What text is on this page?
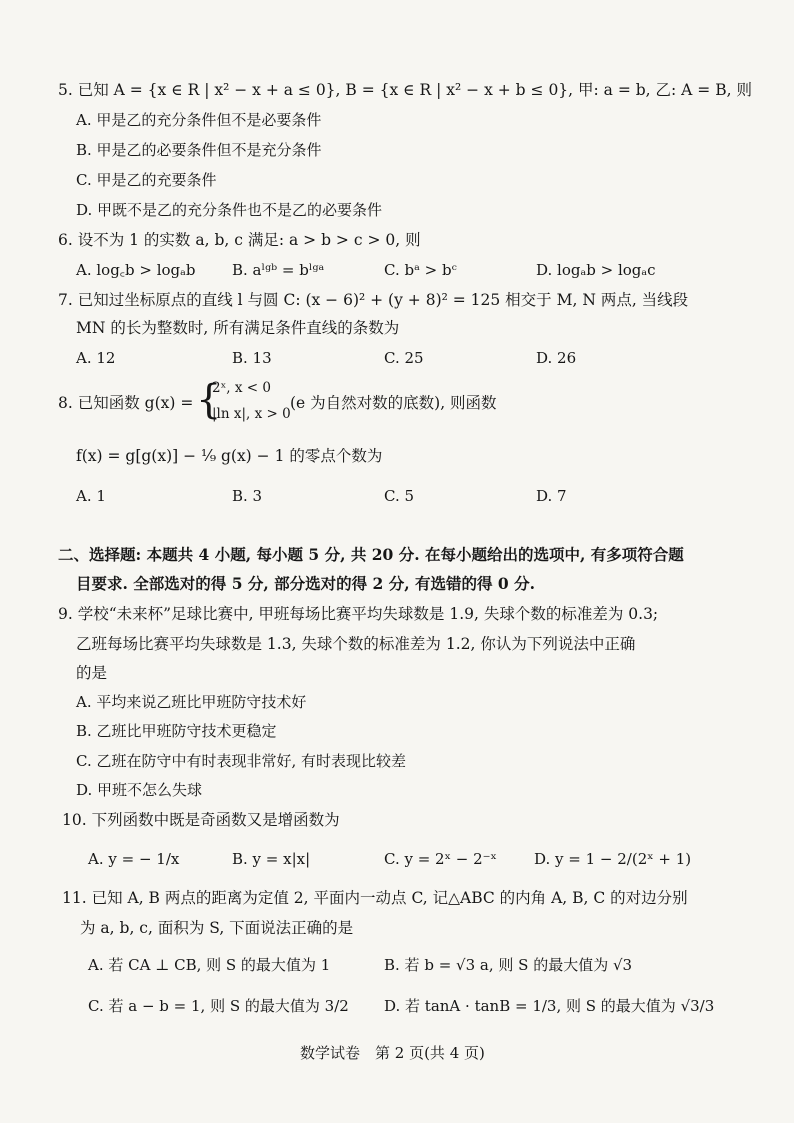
5. 已知 A = {x ∈ R | x² − x + a ≤ 0}, B = {x ∈ R | x² − x + b ≤ 0}, 甲: a = b, 乙: A = B, 则
A. 甲是乙的充分条件但不是必要条件
B. 甲是乙的必要条件但不是充分条件
C. 甲是乙的充要条件
D. 甲既不是乙的充分条件也不是乙的必要条件
6. 设不为 1 的实数 a, b, c 满足: a > b > c > 0, 则
A. log꜀b > logₐb B. aˡᵍᵇ = bˡᵍᵃ	C. bᵃ > bᶜ	D. logₐb > logₐc
7. 已知过坐标原点的直线 l 与圆 C: (x − 6)² + (y + 8)² = 125 相交于 M, N 两点, 当线段
MN 的长为整数时, 所有满足条件直线的条数为
A. 12	B. 13	C. 25	D. 26
8. 已知函数 g(x) = {
2ˣ, x < 0
|ln x|, x > 0
(e 为自然对数的底数), 则函数
f(x) = g[g(x)] − ¹⁄₉ g(x) − 1 的零点个数为
A. 1	B. 3	C. 5	D. 7
二、选择题: 本题共 4 小题, 每小题 5 分, 共 20 分. 在每小题给出的选项中, 有多项符合题
目要求. 全部选对的得 5 分, 部分选对的得 2 分, 有选错的得 0 分.
9. 学校“未来杯”足球比赛中, 甲班每场比赛平均失球数是 1.9, 失球个数的标准差为 0.3;
乙班每场比赛平均失球数是 1.3, 失球个数的标准差为 1.2, 你认为下列说法中正确
的是
A. 平均来说乙班比甲班防守技术好
B. 乙班比甲班防守技术更稳定
C. 乙班在防守中有时表现非常好, 有时表现比较差
D. 甲班不怎么失球
10. 下列函数中既是奇函数又是增函数为
A. y = − 1/x	B. y = x|x|	C. y = 2ˣ − 2⁻ˣ D. y = 1 − 2/(2ˣ + 1)
11. 已知 A, B 两点的距离为定值 2, 平面内一动点 C, 记△ABC 的内角 A, B, C 的对边分别
为 a, b, c, 面积为 S, 下面说法正确的是
A. 若 CA ⊥ CB, 则 S 的最大值为 1	B. 若 b = √3 a, 则 S 的最大值为 √3
C. 若 a − b = 1, 则 S 的最大值为 3/2 D. 若 tanA · tanB = 1/3, 则 S 的最大值为 √3/3
数学试卷　第 2 页(共 4 页)
